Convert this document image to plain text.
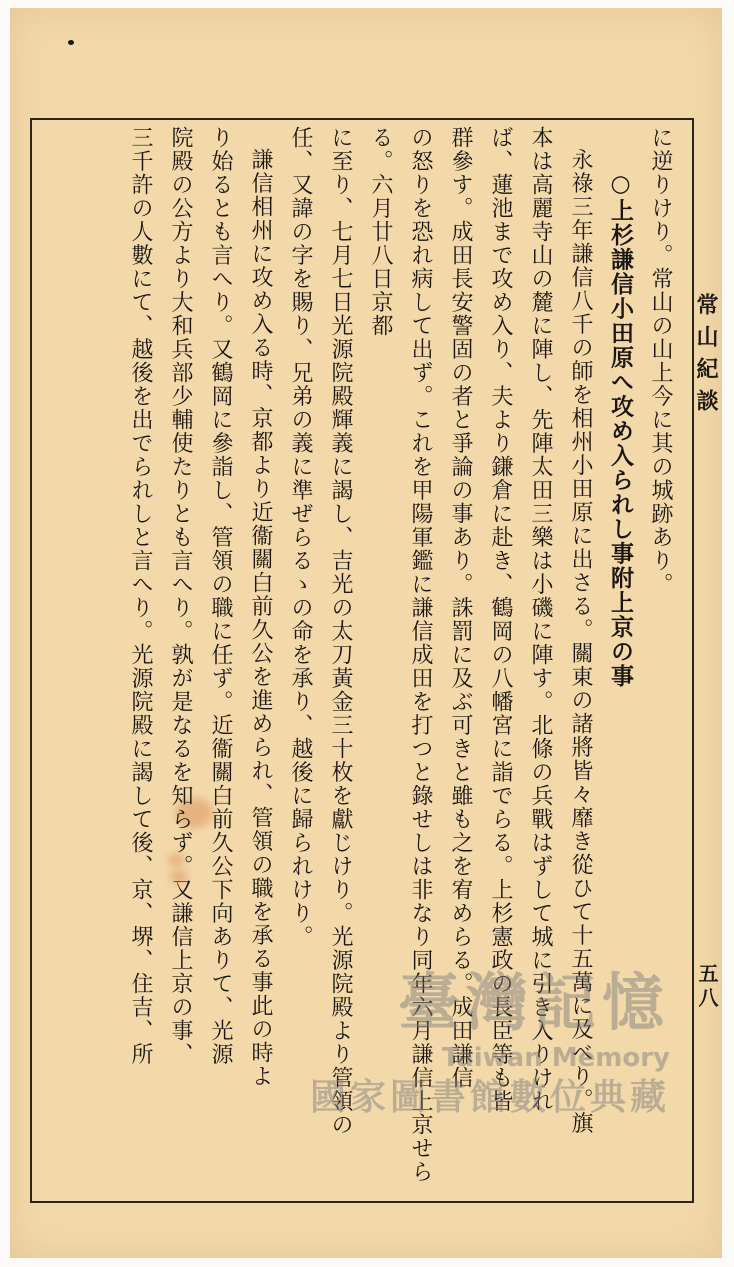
常山紀談
五八
に逆りけり。常山の山上今に其の城跡あり。
○上杉謙信小田原へ攻め入られし事附上京の事
永祿三年謙信八千の師を相州小田原に出さる。關東の諸將皆々靡き從ひて十五萬に及べり。旗
本は高麗寺山の麓に陣し、先陣太田三樂は小磯に陣す。北條の兵戰はずして城に引き入りけれ
ば、蓮池まで攻め入り、夫より鎌倉に赴き、鶴岡の八幡宮に詣でらる。上杉憲政の長臣等も皆
群參す。成田長安警固の者と爭論の事あり。誅罰に及ぶ可きと雖も之を宥めらる。成田謙信
の怒りを恐れ病して出ず。これを甲陽軍鑑に謙信成田を打つと錄せしは非なり同年六月謙信上京せらる。六月廿八日京都
に至り、七月七日光源院殿輝義に謁し、吉光の太刀黃金三十枚を獻じけり。光源院殿より管領の
任、又諱の字を賜り、兄弟の義に準ぜらるゝの命を承り、越後に歸られけり。
謙信相州に攻め入る時、京都より近衞關白前久公を進められ、管領の職を承る事此の時よ
り始るとも言へり。又鶴岡に參詣し、管領の職に任ず。近衞關白前久公下向ありて、光源
院殿の公方より大和兵部少輔使たりとも言へり。孰が是なるを知らず。又謙信上京の事、
三千許の人數にて、越後を出でられしと言へり。光源院殿に謁して後、京、堺、住吉、所	臺灣記憶
Taiwan Memory
國家圖書館數位典藏
